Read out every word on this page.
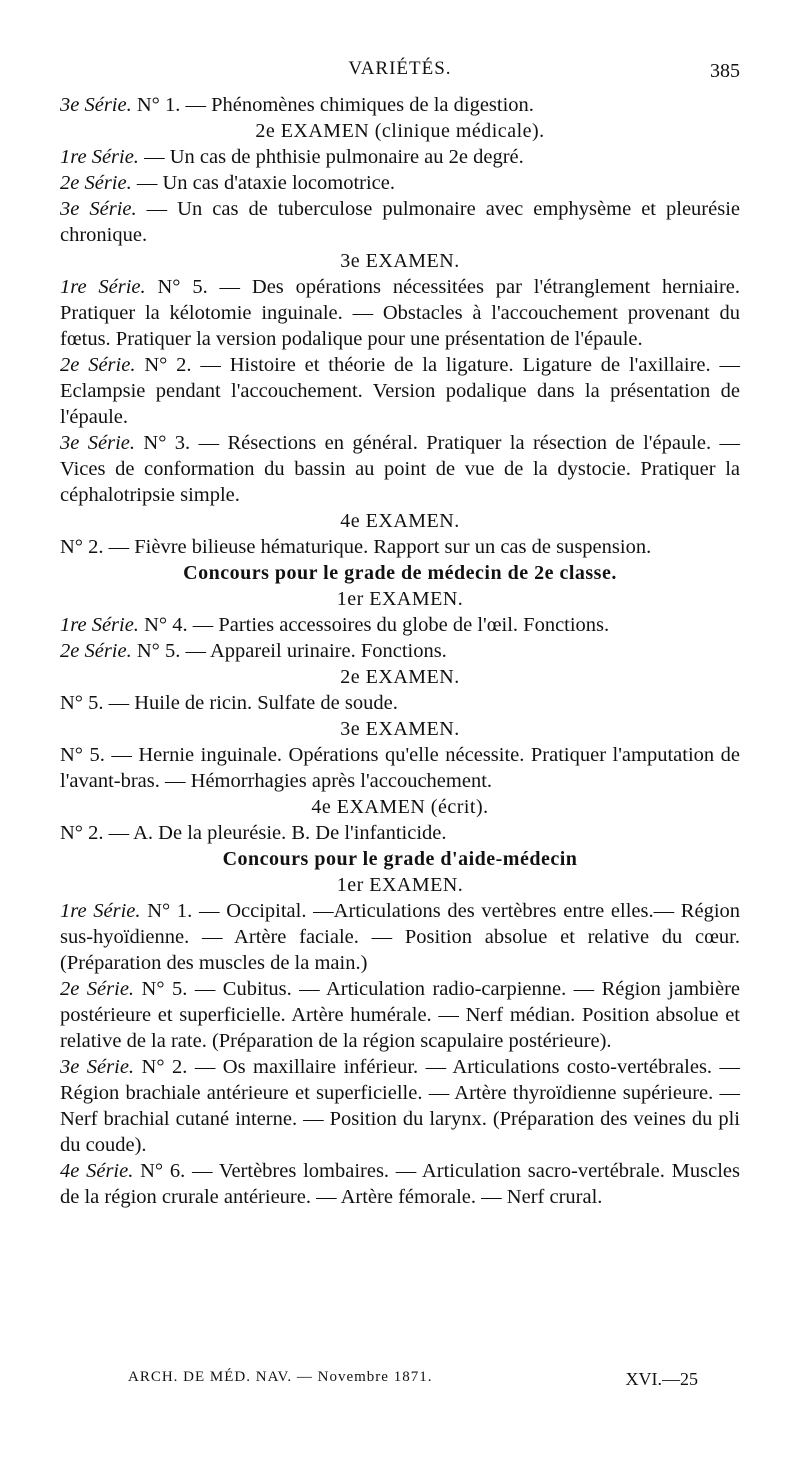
VARIÉTÉS.	385

3e Série. N° 1. — Phénomènes chimiques de la digestion.

2e EXAMEN (clinique médicale).

1re Série. — Un cas de phthisie pulmonaire au 2e degré.

2e Série. — Un cas d'ataxie locomotrice.

3e Série. — Un cas de tuberculose pulmonaire avec emphysème et pleurésie chronique.

3e EXAMEN.

1re Série. N° 5. — Des opérations nécessitées par l'étranglement herniaire. Pratiquer la kélotomie inguinale. — Obstacles à l'accouchement provenant du fœtus. Pratiquer la version podalique pour une présentation de l'épaule.

2e Série. N° 2. — Histoire et théorie de la ligature. Ligature de l'axillaire. — Eclampsie pendant l'accouchement. Version podalique dans la présentation de l'épaule.

3e Série. N° 3. — Résections en général. Pratiquer la résection de l'épaule. — Vices de conformation du bassin au point de vue de la dystocie. Pratiquer la céphalotripsie simple.

4e EXAMEN.

N° 2. — Fièvre bilieuse hématurique. Rapport sur un cas de suspension.

Concours pour le grade de médecin de 2e classe.

1er EXAMEN.

1re Série. N° 4. — Parties accessoires du globe de l'œil. Fonctions.

2e Série. N° 5. — Appareil urinaire. Fonctions.

2e EXAMEN.

N° 5. — Huile de ricin. Sulfate de soude.

3e EXAMEN.

N° 5. — Hernie inguinale. Opérations qu'elle nécessite. Pratiquer l'amputation de l'avant-bras. — Hémorrhagies après l'accouchement.

4e EXAMEN (écrit).

N° 2. — A. De la pleurésie. B. De l'infanticide.

Concours pour le grade d'aide-médecin

1er EXAMEN.

1re Série. N° 1. — Occipital. —Articulations des vertèbres entre elles.— Région sus-hyoïdienne. — Artère faciale. — Position absolue et relative du cœur. (Préparation des muscles de la main.)

2e Série. N° 5. — Cubitus. — Articulation radio-carpienne. — Région jambière postérieure et superficielle. Artère humérale. — Nerf médian. Position absolue et relative de la rate. (Préparation de la région scapulaire postérieure).

3e Série. N° 2. — Os maxillaire inférieur. — Articulations costo-vertébrales. — Région brachiale antérieure et superficielle. — Artère thyroïdienne supérieure. — Nerf brachial cutané interne. — Position du larynx. (Préparation des veines du pli du coude).

4e Série. N° 6. — Vertèbres lombaires. — Articulation sacro-vertébrale. Muscles de la région crurale antérieure. — Artère fémorale. — Nerf crural.

ARCH. DE MÉD. NAV. — Novembre 1871.	XVI.—25
